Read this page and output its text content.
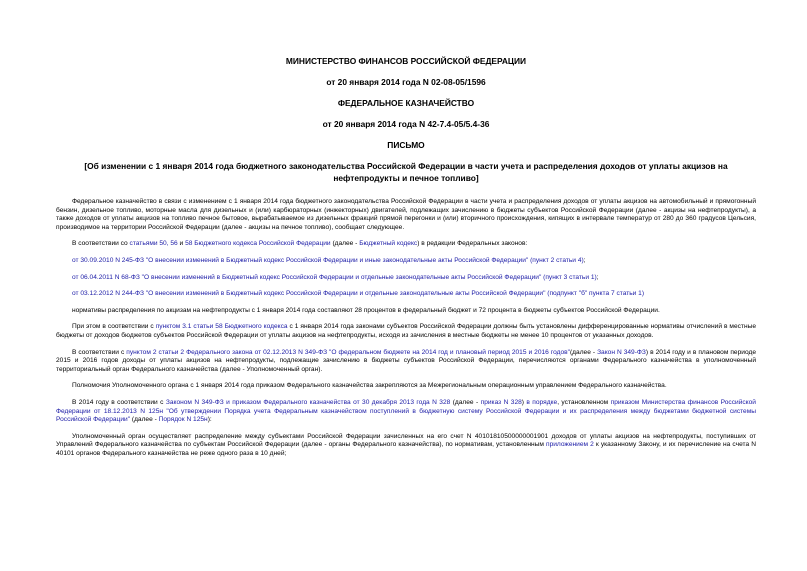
МИНИСТЕРСТВО ФИНАНСОВ РОССИЙСКОЙ ФЕДЕРАЦИИ
от 20 января 2014 года N 02-08-05/1596
ФЕДЕРАЛЬНОЕ КАЗНАЧЕЙСТВО
от 20 января 2014 года N 42-7.4-05/5.4-36
ПИСЬМО
[Об изменении с 1 января 2014 года бюджетного законодательства Российской Федерации в части учета и распределения доходов от уплаты акцизов на нефтепродукты и печное топливо]

Федеральное казначейство в связи с изменением с 1 января 2014 года бюджетного законодательства Российской Федерации в части учета и распределения доходов от уплаты акцизов на автомобильный и прямогонный бензин, дизельное топливо, моторные масла для дизельных и (или) карбюраторных (инжекторных) двигателей, подлежащих зачислению в бюджеты субъектов Российской Федерации (далее - акцизы на нефтепродукты), а также доходов от уплаты акцизов на топливо печное бытовое, вырабатываемое из дизельных фракций прямой перегонки и (или) вторичного происхождения, кипящих в интервале температур от 280 до 360 градусов Цельсия, производимое на территории Российской Федерации (далее - акцизы на печное топливо), сообщает следующее.

В соответствии со статьями 50, 56 и 58 Бюджетного кодекса Российской Федерации (далее - Бюджетный кодекс) в редакции Федеральных законов:

от 30.09.2010 N 245-ФЗ "О внесении изменений в Бюджетный кодекс Российской Федерации и иные законодательные акты Российской Федерации" (пункт 2 статьи 4);

от 06.04.2011 N 68-ФЗ "О внесении изменений в Бюджетный кодекс Российской Федерации и отдельные законодательные акты Российской Федерации" (пункт 3 статьи 1);

от 03.12.2012 N 244-ФЗ "О внесении изменений в Бюджетный кодекс Российской Федерации и отдельные законодательные акты Российской Федерации" (подпункт "б" пункта 7 статьи 1)

нормативы распределения по акцизам на нефтепродукты с 1 января 2014 года составляют 28 процентов в федеральный бюджет и 72 процента в бюджеты субъектов Российской Федерации.

При этом в соответствии с пунктом 3.1 статьи 58 Бюджетного кодекса с 1 января 2014 года законами субъектов Российской Федерации должны быть установлены дифференцированные нормативы отчислений в местные бюджеты от доходов бюджетов субъектов Российской Федерации от уплаты акцизов на нефтепродукты, исходя из зачисления в местные бюджеты не менее 10 процентов от указанных доходов.

В соответствии с пунктом 2 статьи 2 Федерального закона от 02.12.2013 N 349-ФЗ "О федеральном бюджете на 2014 год и плановый период 2015 и 2016 годов"(далее - Закон N 349-ФЗ) в 2014 году и в плановом периоде 2015 и 2016 годов доходы от уплаты акцизов на нефтепродукты, подлежащие зачислению в бюджеты субъектов Российской Федерации, перечисляются органами Федерального казначейства в уполномоченный территориальный орган Федерального казначейства (далее - Уполномоченный орган).

Полномочия Уполномоченного органа с 1 января 2014 года приказом Федерального казначейства закрепляются за Межрегиональным операционным управлением Федерального казначейства.

В 2014 году в соответствии с Законом N 349-ФЗ и приказом Федерального казначейства от 30 декабря 2013 года N 328 (далее - приказ N 328) в порядке, установленном приказом Министерства финансов Российской Федерации от 18.12.2013 N 125н "Об утверждении Порядка учета Федеральным казначейством поступлений в бюджетную систему Российской Федерации и их распределения между бюджетами бюджетной системы Российской Федерации" (далее - Порядок N 125н):

Уполномоченный орган осуществляет распределение между субъектами Российской Федерации зачисленных на его счет N 40101810500000001901 доходов от уплаты акцизов на нефтепродукты, поступивших от Управлений Федерального казначейства по субъектам Российской Федерации (далее - органы Федерального казначейства), по нормативам, установленным приложением 2 к указанному Закону, и их перечисление на счета N 40101 органов Федерального казначейства не реже одного раза в 10 дней;
